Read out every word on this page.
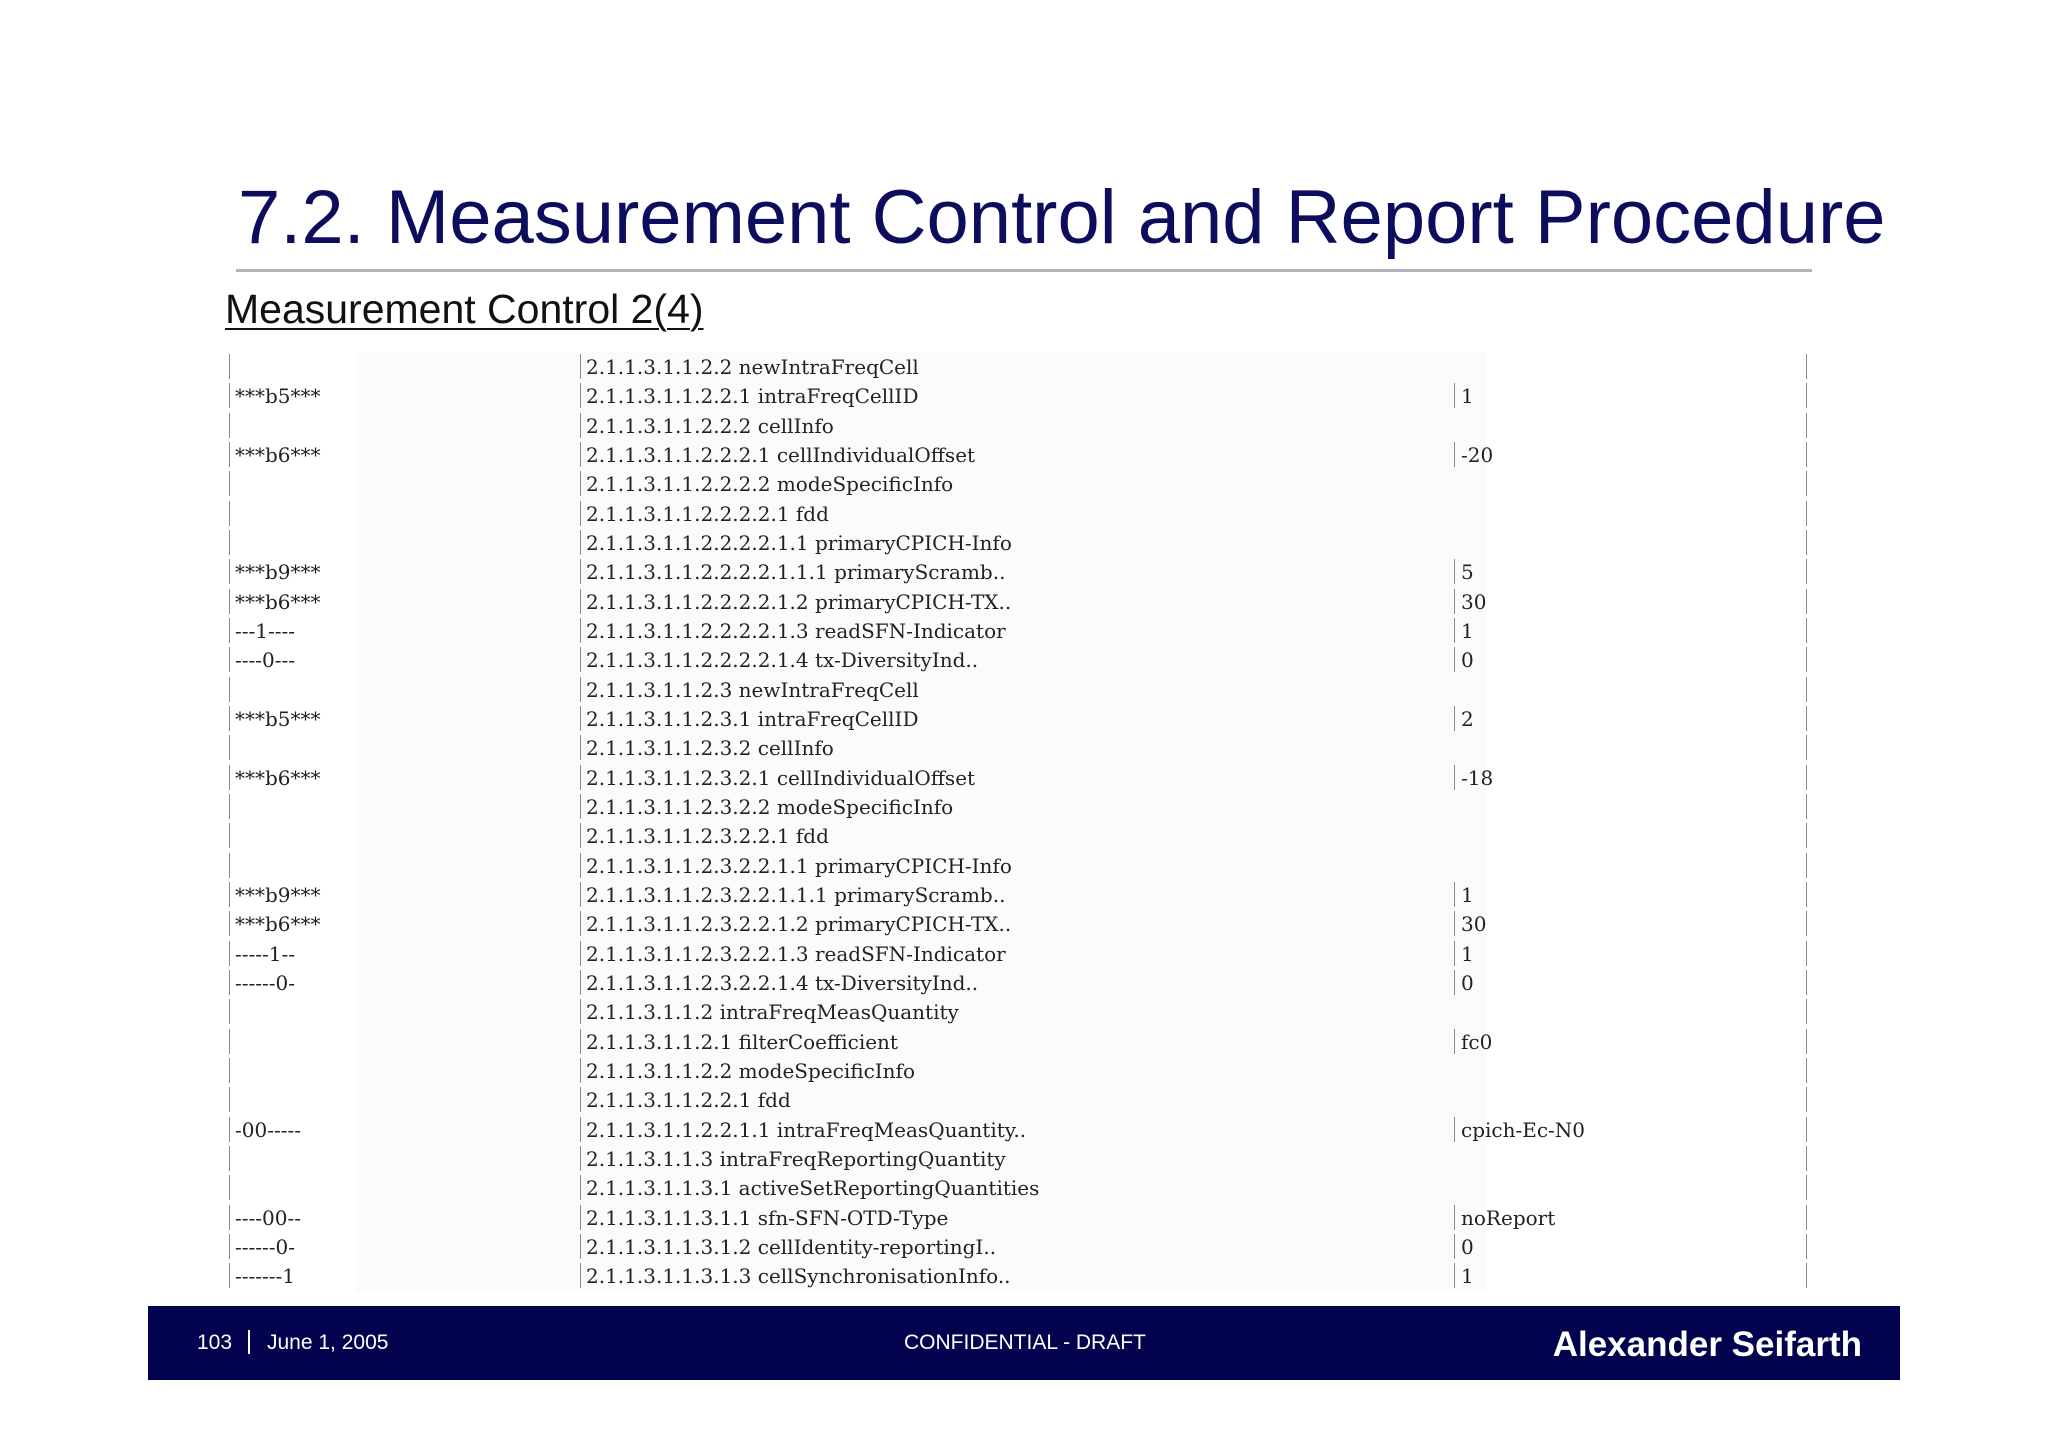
7.2. Measurement Control and Report Procedure
Measurement Control 2(4)
2.1.1.3.1.1.2.2 newIntraFreqCell
***b5***	2.1.1.3.1.1.2.2.1 intraFreqCellID	1
2.1.1.3.1.1.2.2.2 cellInfo
***b6***	2.1.1.3.1.1.2.2.2.1 cellIndividualOffset	-20
2.1.1.3.1.1.2.2.2.2 modeSpecificInfo
2.1.1.3.1.1.2.2.2.2.1 fdd
2.1.1.3.1.1.2.2.2.2.1.1 primaryCPICH-Info
***b9***	2.1.1.3.1.1.2.2.2.2.1.1.1 primaryScramb..	5
***b6***	2.1.1.3.1.1.2.2.2.2.1.2 primaryCPICH-TX..	30
---1----	2.1.1.3.1.1.2.2.2.2.1.3 readSFN-Indicator	1
----0---	2.1.1.3.1.1.2.2.2.2.1.4 tx-DiversityInd..	0
2.1.1.3.1.1.2.3 newIntraFreqCell
***b5***	2.1.1.3.1.1.2.3.1 intraFreqCellID	2
2.1.1.3.1.1.2.3.2 cellInfo
***b6***	2.1.1.3.1.1.2.3.2.1 cellIndividualOffset	-18
2.1.1.3.1.1.2.3.2.2 modeSpecificInfo
2.1.1.3.1.1.2.3.2.2.1 fdd
2.1.1.3.1.1.2.3.2.2.1.1 primaryCPICH-Info
***b9***	2.1.1.3.1.1.2.3.2.2.1.1.1 primaryScramb..	1
***b6***	2.1.1.3.1.1.2.3.2.2.1.2 primaryCPICH-TX..	30
-----1--	2.1.1.3.1.1.2.3.2.2.1.3 readSFN-Indicator	1
------0-	2.1.1.3.1.1.2.3.2.2.1.4 tx-DiversityInd..	0
2.1.1.3.1.1.2 intraFreqMeasQuantity
2.1.1.3.1.1.2.1 filterCoefficient	fc0
2.1.1.3.1.1.2.2 modeSpecificInfo
2.1.1.3.1.1.2.2.1 fdd
-00-----	2.1.1.3.1.1.2.2.1.1 intraFreqMeasQuantity..	cpich-Ec-N0
2.1.1.3.1.1.3 intraFreqReportingQuantity
2.1.1.3.1.1.3.1 activeSetReportingQuantities
----00--	2.1.1.3.1.1.3.1.1 sfn-SFN-OTD-Type	noReport
------0-	2.1.1.3.1.1.3.1.2 cellIdentity-reportingI..	0
-------1	2.1.1.3.1.1.3.1.3 cellSynchronisationInfo..	1
103 June 1, 2005	CONFIDENTIAL - DRAFT	Alexander Seifarth
